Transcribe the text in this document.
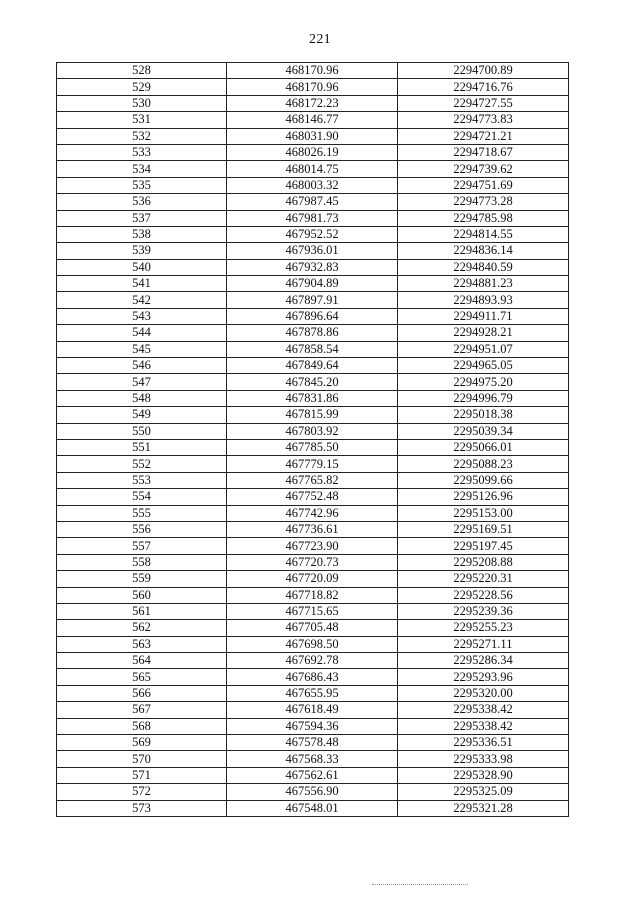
221
528	468170.96	2294700.89
529	468170.96	2294716.76
530	468172.23	2294727.55
531	468146.77	2294773.83
532	468031.90	2294721.21
533	468026.19	2294718.67
534	468014.75	2294739.62
535	468003.32	2294751.69
536	467987.45	2294773.28
537	467981.73	2294785.98
538	467952.52	2294814.55
539	467936.01	2294836.14
540	467932.83	2294840.59
541	467904.89	2294881.23
542	467897.91	2294893.93
543	467896.64	2294911.71
544	467878.86	2294928.21
545	467858.54	2294951.07
546	467849.64	2294965.05
547	467845.20	2294975.20
548	467831.86	2294996.79
549	467815.99	2295018.38
550	467803.92	2295039.34
551	467785.50	2295066.01
552	467779.15	2295088.23
553	467765.82	2295099.66
554	467752.48	2295126.96
555	467742.96	2295153.00
556	467736.61	2295169.51
557	467723.90	2295197.45
558	467720.73	2295208.88
559	467720.09	2295220.31
560	467718.82	2295228.56
561	467715.65	2295239.36
562	467705.48	2295255.23
563	467698.50	2295271.11
564	467692.78	2295286.34
565	467686.43	2295293.96
566	467655.95	2295320.00
567	467618.49	2295338.42
568	467594.36	2295338.42
569	467578.48	2295336.51
570	467568.33	2295333.98
571	467562.61	2295328.90
572	467556.90	2295325.09
573	467548.01	2295321.28
